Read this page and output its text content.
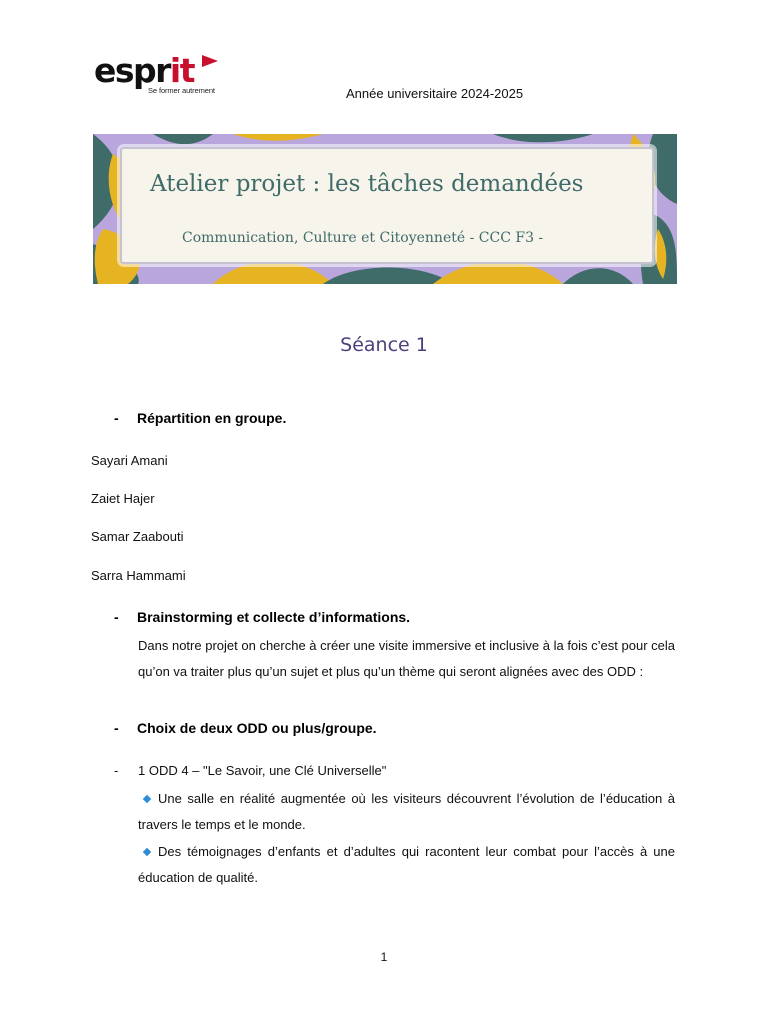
esprit
Se former autrement	Année universitaire 2024-2025
Atelier projet : les tâches demandées
Communication, Culture et Citoyenneté - CCC F3 -
Séance 1
- Répartition en groupe.
Sayari Amani
Zaiet Hajer
Samar Zaabouti
Sarra Hammami
- Brainstorming et collecte d’informations.
Dans notre projet on cherche à créer une visite immersive et inclusive à la fois c’est pour cela qu’on va traiter plus qu’un sujet et plus qu’un thème qui seront alignées avec des ODD :
- Choix de deux ODD ou plus/groupe.
- 1 ODD 4 – "Le Savoir, une Clé Universelle"
Une salle en réalité augmentée où les visiteurs découvrent l’évolution de l’éducation à travers le temps et le monde.
Des témoignages d’enfants et d’adultes qui racontent leur combat pour l’accès à une éducation de qualité.
1
